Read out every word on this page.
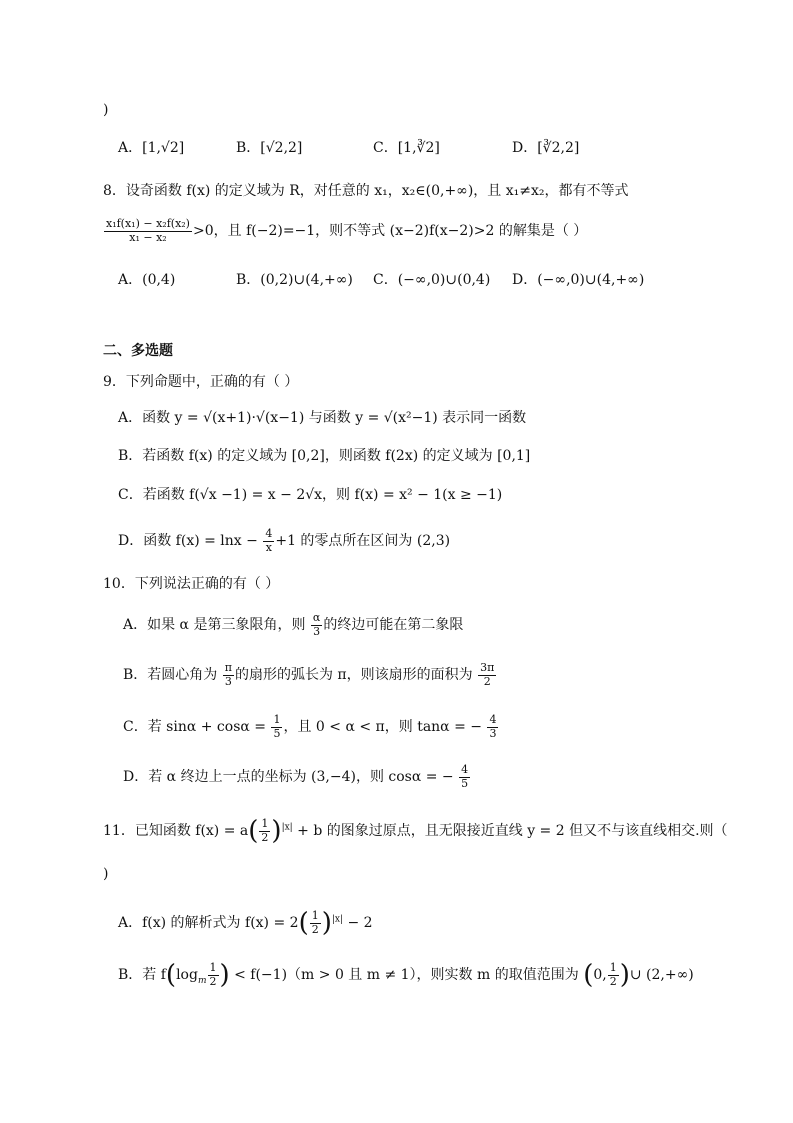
)
A．[1,√2]	B．[√2,2]	C．[1,∛2]	D．[∛2,2]
8．设奇函数 f(x) 的定义域为 R，对任意的 x₁，x₂∈(0,+∞)，且 x₁≠x₂，都有不等式
$\frac{\text{x₁f(x₁) − x₂f(x₂)}}{\text{x₁ − x₂}} >0$，且 f(−2)=−1，则不等式 (x−2)f(x−2)>2 的解集是（ ）
A．(0,4)	B．(0,2)∪(4,+∞) C．(−∞,0)∪(0,4) D．(−∞,0)∪(4,+∞)
二、多选题
9．下列命题中，正确的有（ ）
A．函数 y = √(x+1)·√(x−1) 与函数 y = √(x²−1) 表示同一函数
B．若函数 f(x) 的定义域为 [0,2]，则函数 f(2x) 的定义域为 [0,1]
C．若函数 f(√x −1) = x − 2√x，则 f(x) = x² − 1(x ≥ −1)
D．函数 $f(x) = \ln x - \frac{4}{x} +1$ 的零点所在区间为 (2,3)
10．下列说法正确的有（ ）
A．如果 α 是第三象限角，则 $\frac{\alpha}{3}$ 的终边可能在第二象限
B．若圆心角为 $\frac{\pi}{3}$ 的扇形的弧长为 π，则该扇形的面积为 $\frac{3\pi}{2}$
C．若 $\sin\alpha + \cos\alpha = \frac{1}{5}$ ，且 0 < α < π，则 tanα = − $\frac{4}{3}$
D．若 α 终边上一点的坐标为 (3,−4)，则 cosα = − $\frac{4}{5}$
11．已知函数 $f(x) = a( \frac{1}{2} )^{|x|} + b$ 的图象过原点，且无限接近直线 y = 2 但又不与该直线相交.则（
)
A．f(x) 的解析式为 $f(x) = 2( \frac{1}{2} )^{|x|} - 2$
B．若 $f(\log_m \frac{1}{2}$ ) < f(−1)（m > 0 且 m ≠ 1），则实数 m 的取值范围为 (0, $\frac{1}{2}$ )∪ (2,+∞)
